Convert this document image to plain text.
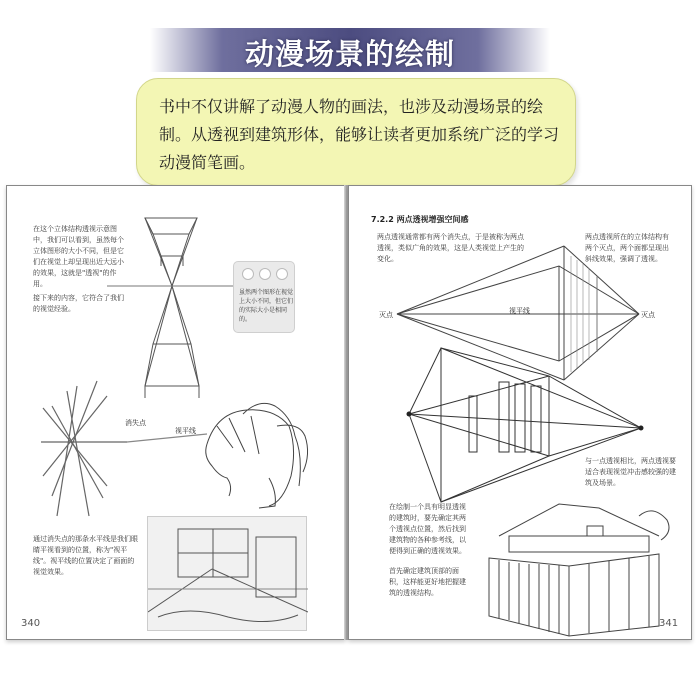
动漫场景的绘制
书中不仅讲解了动漫人物的画法，也涉及动漫场景的绘制。从透视到建筑形体，能够让读者更加系统广泛的学习动漫简笔画。
在这个立体结构透视示意图中，我们可以看到，虽然每个立体图形的大小不同，但是它们在视觉上却呈现出近大远小的效果，这就是"透视"的作用。
接下来的内容，它符合了我们的视觉经验。
虽然两个图形在视觉上大小不同，但它们的实际大小是相同的。
消失点
视平线
通过消失点的那条水平线是我们眼睛平视看到的位置，称为"视平线"。视平线的位置决定了画面的视觉效果。
340
7.2.2 两点透视增强空间感
两点透视通常都有两个消失点，于是被称为两点透视，类似广角的效果，这是人类视觉上产生的变化。
两点透视所在的立体结构有两个灭点，两个面都呈现出斜线效果，强调了透视。
灭点	灭点
视平线
与一点透视相比，两点透视要适合表现视觉冲击感较强的建筑及场景。
在绘制一个具有明显透视的建筑时，要先确定其两个透视点位置，然后找到建筑物的各种参考线，以便得到正确的透视效果。
首先确定建筑顶部的面积，这样能更好地把握建筑的透视结构。
341
